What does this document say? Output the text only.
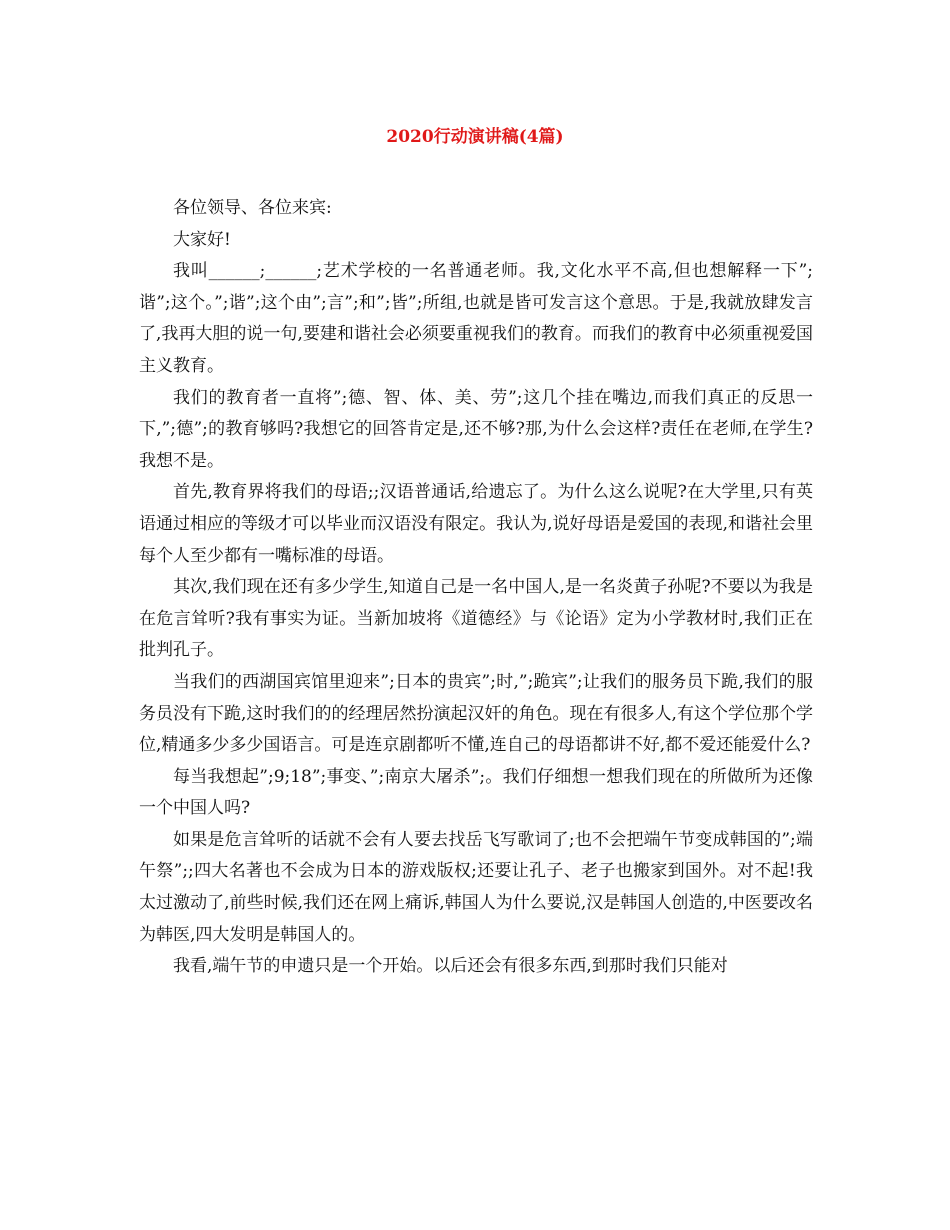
2020行动演讲稿(4篇)

各位领导、各位来宾:

大家好!

我叫______;______;艺术学校的一名普通老师。我,文化水平不高,但也想解释一下”;谐”;这个。”;谐”;这个由”;言”;和”;皆”;所组,也就是皆可发言这个意思。于是,我就放肆发言了,我再大胆的说一句,要建和谐社会必须要重视我们的教育。而我们的教育中必须重视爱国主义教育。

我们的教育者一直将”;德、智、体、美、劳”;这几个挂在嘴边,而我们真正的反思一下,”;德”;的教育够吗?我想它的回答肯定是,还不够?那,为什么会这样?责任在老师,在学生?我想不是。

首先,教育界将我们的母语;;汉语普通话,给遗忘了。为什么这么说呢?在大学里,只有英语通过相应的等级才可以毕业而汉语没有限定。我认为,说好母语是爱国的表现,和谐社会里每个人至少都有一嘴标准的母语。

其次,我们现在还有多少学生,知道自己是一名中国人,是一名炎黄子孙呢?不要以为我是在危言耸听?我有事实为证。当新加坡将《道德经》与《论语》定为小学教材时,我们正在批判孔子。

当我们的西湖国宾馆里迎来”;日本的贵宾”;时,”;跪宾”;让我们的服务员下跪,我们的服务员没有下跪,这时我们的的经理居然扮演起汉奸的角色。现在有很多人,有这个学位那个学位,精通多少多少国语言。可是连京剧都听不懂,连自己的母语都讲不好,都不爱还能爱什么?

每当我想起”;9;18”;事变、”;南京大屠杀”;。我们仔细想一想我们现在的所做所为还像一个中国人吗?

如果是危言耸听的话就不会有人要去找岳飞写歌词了;也不会把端午节变成韩国的”;端午祭”;;四大名著也不会成为日本的游戏版权;还要让孔子、老子也搬家到国外。对不起!我太过激动了,前些时候,我们还在网上痛诉,韩国人为什么要说,汉是韩国人创造的,中医要改名为韩医,四大发明是韩国人的。

我看,端午节的申遗只是一个开始。以后还会有很多东西,到那时我们只能对
